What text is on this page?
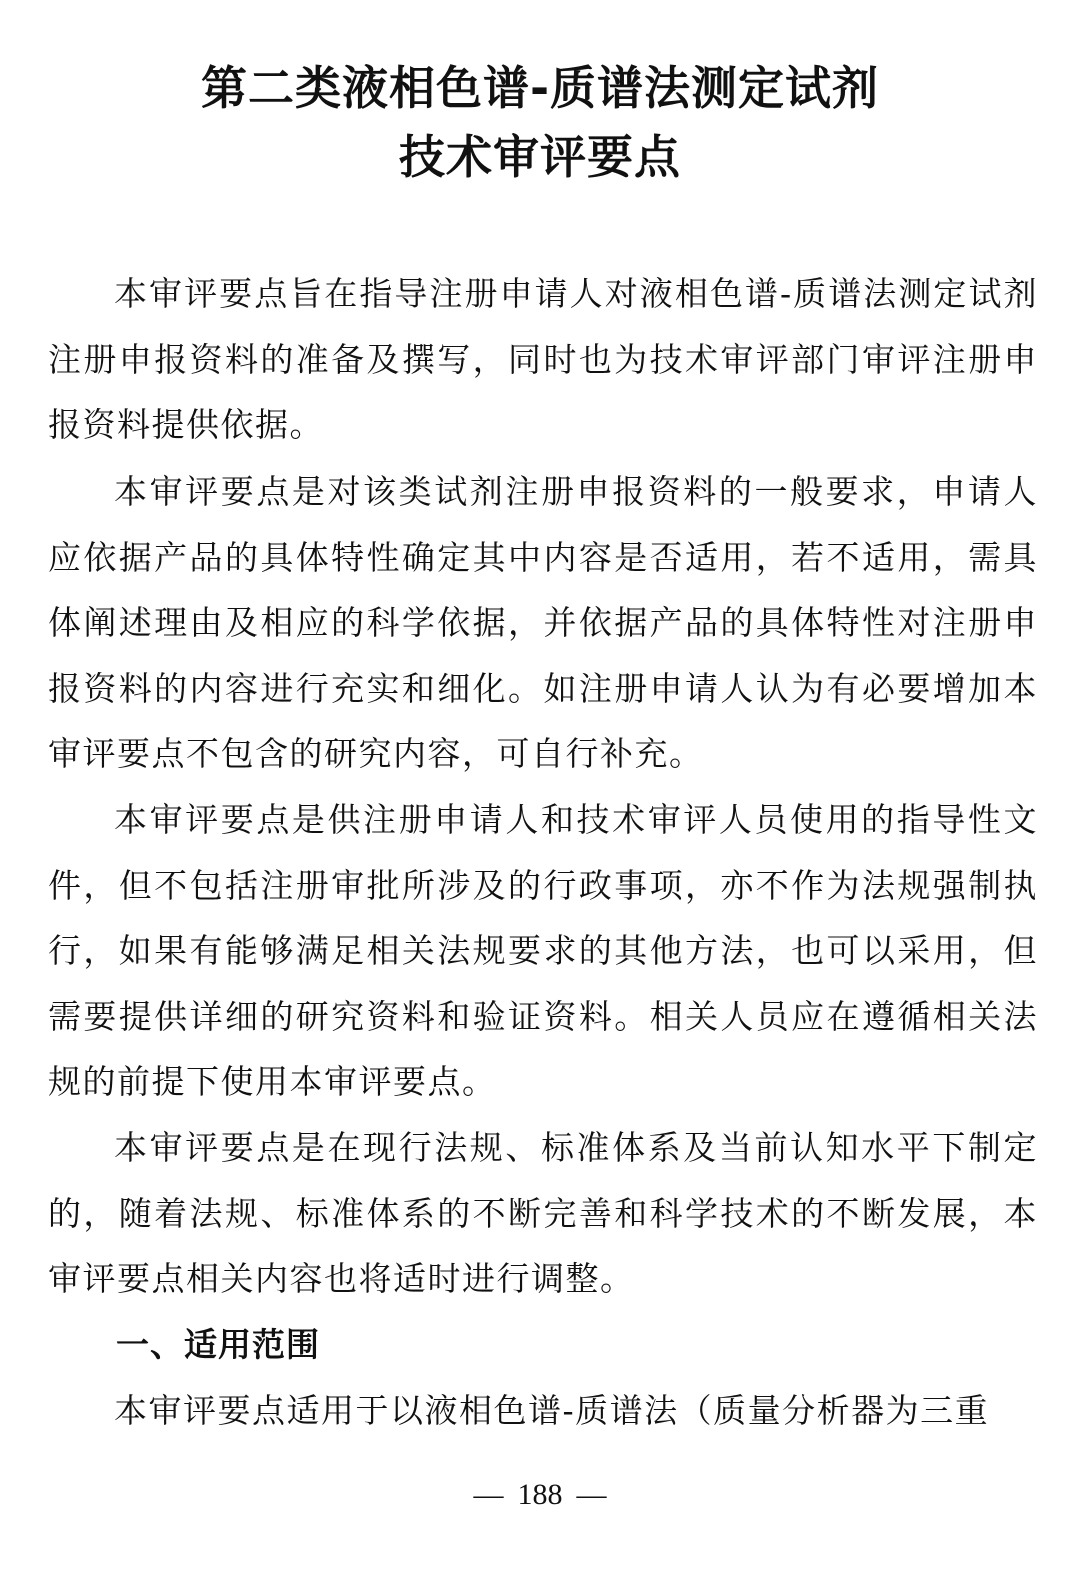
第二类液相色谱-质谱法测定试剂
技术审评要点
本审评要点旨在指导注册申请人对液相色谱-质谱法测定试剂注册申报资料的准备及撰写，同时也为技术审评部门审评注册申报资料提供依据。
本审评要点是对该类试剂注册申报资料的一般要求，申请人应依据产品的具体特性确定其中内容是否适用，若不适用，需具体阐述理由及相应的科学依据，并依据产品的具体特性对注册申报资料的内容进行充实和细化。如注册申请人认为有必要增加本审评要点不包含的研究内容，可自行补充。
本审评要点是供注册申请人和技术审评人员使用的指导性文件，但不包括注册审批所涉及的行政事项，亦不作为法规强制执行，如果有能够满足相关法规要求的其他方法，也可以采用，但需要提供详细的研究资料和验证资料。相关人员应在遵循相关法规的前提下使用本审评要点。
本审评要点是在现行法规、标准体系及当前认知水平下制定的，随着法规、标准体系的不断完善和科学技术的不断发展，本审评要点相关内容也将适时进行调整。
一、适用范围
本审评要点适用于以液相色谱-质谱法（质量分析器为三重
— 188 —
